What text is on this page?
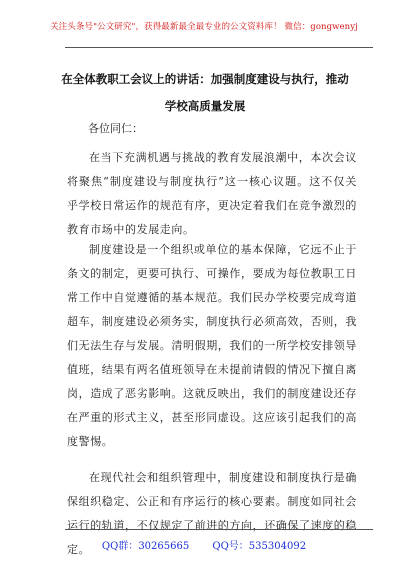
关注头条号"公文研究"，获得最新最全最专业的公文资料库！ 微信：gongwenyj
在全体教职工会议上的讲话：加强制度建设与执行，推动学校高质量发展
各位同仁：
在当下充满机遇与挑战的教育发展浪潮中，本次会议将聚焦“制度建设与制度执行”这一核心议题。这不仅关乎学校日常运作的规范有序，更决定着我们在竞争激烈的教育市场中的发展走向。
制度建设是一个组织或单位的基本保障，它远不止于条文的制定，更要可执行、可操作，要成为每位教职工日常工作中自觉遵循的基本规范。我们民办学校要完成弯道超车，制度建设必须务实，制度执行必须高效，否则，我们无法生存与发展。清明假期，我们的一所学校安排领导值班，结果有两名值班领导在未提前请假的情况下擅自离岗，造成了恶劣影响。这就反映出，我们的制度建设还存在严重的形式主义，甚至形同虚设。这应该引起我们的高度警惕。
在现代社会和组织管理中，制度建设和制度执行是确保组织稳定、公正和有序运行的核心要素。制度如同社会运行的轨道，不仅规定了前进的方向，还确保了速度的稳定。	QQ群：30265665 QQ号：535304092
